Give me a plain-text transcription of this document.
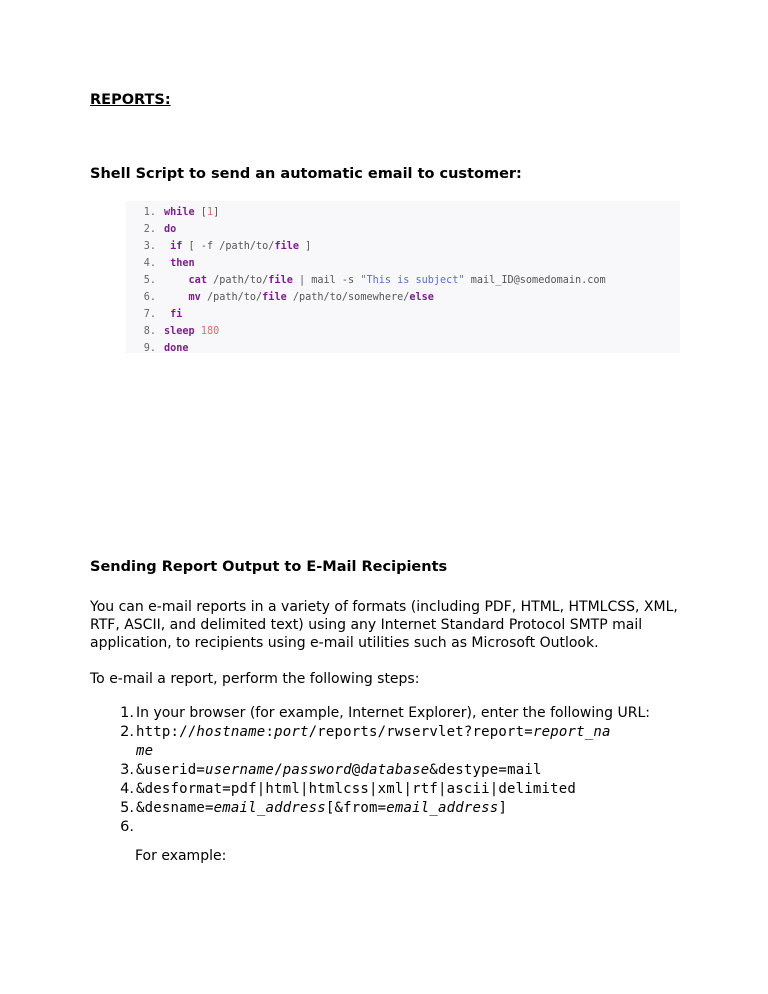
REPORTS:
Shell Script to send an automatic email to customer:
1. while [1]
2. do
3. if [ -f /path/to/file ]
4. then
5.	cat /path/to/file | mail -s "This is subject" mail_ID@somedomain.com
6.	mv /path/to/file /path/to/somewhere/else
7. fi
8. sleep 180
9. done
Sending Report Output to E-Mail Recipients

You can e-mail reports in a variety of formats (including PDF, HTML, HTMLCSS, XML,

RTF, ASCII, and delimited text) using any Internet Standard Protocol SMTP mail

application, to recipients using e-mail utilities such as Microsoft Outlook.

To e-mail a report, perform the following steps:

1. In your browser (for example, Internet Explorer), enter the following URL:
2. http://hostname:port/reports/rwservlet?report=report_na
me
3. &userid=username/password@database&destype=mail
4. &desformat=pdf|html|htmlcss|xml|rtf|ascii|delimited
5. &desname=email_address[&from=email_address]
6.
For example:
